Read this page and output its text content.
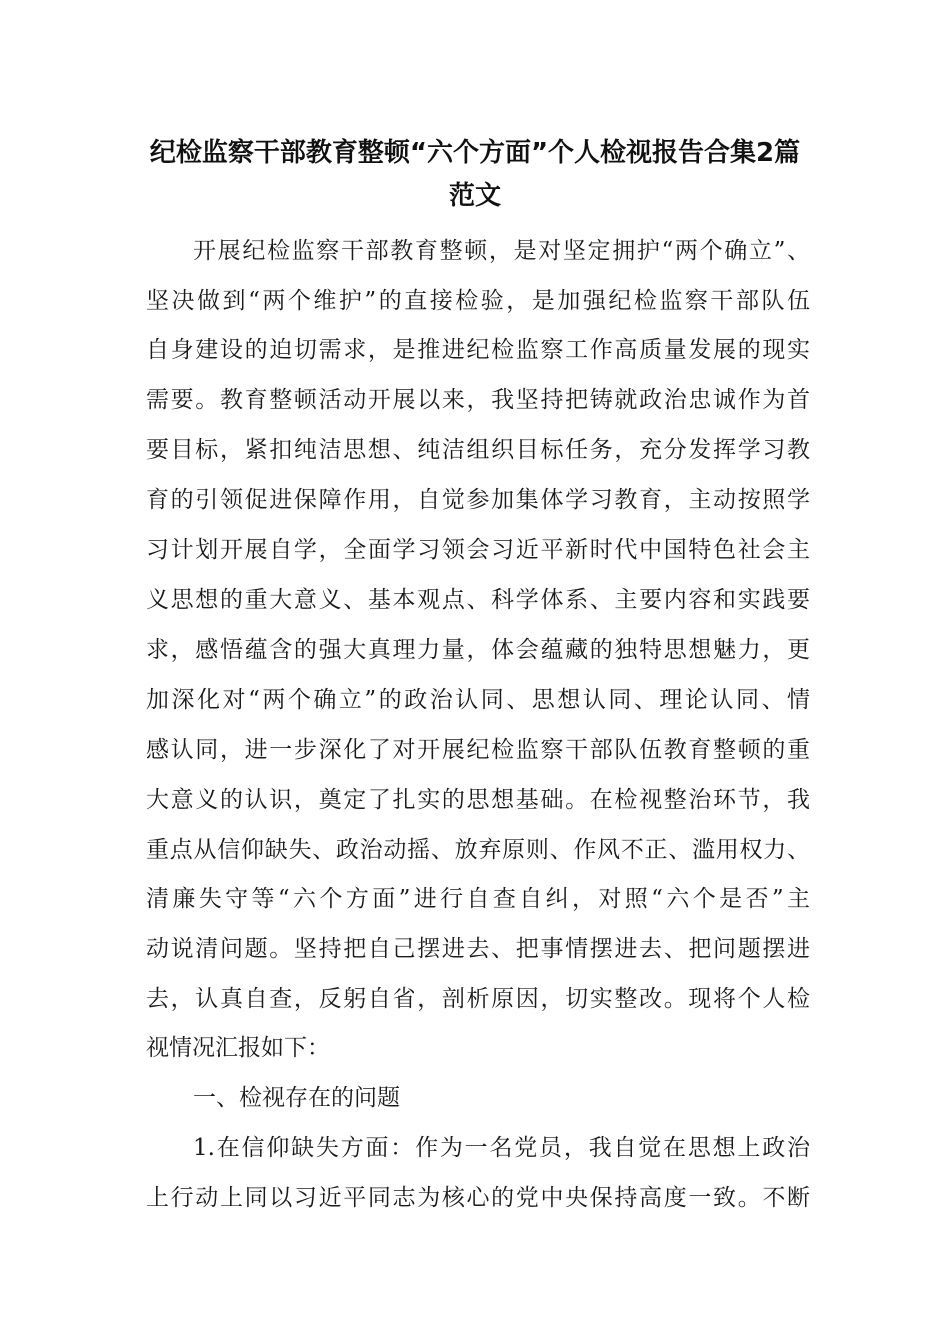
纪检监察干部教育整顿“六个方面”个人检视报告合集2篇
范文
开展纪检监察干部教育整顿，是对坚定拥护“两个确立”、
坚决做到“两个维护”的直接检验，是加强纪检监察干部队伍
自身建设的迫切需求，是推进纪检监察工作高质量发展的现实
需要。教育整顿活动开展以来，我坚持把铸就政治忠诚作为首
要目标，紧扣纯洁思想、纯洁组织目标任务，充分发挥学习教
育的引领促进保障作用，自觉参加集体学习教育，主动按照学
习计划开展自学，全面学习领会习近平新时代中国特色社会主
义思想的重大意义、基本观点、科学体系、主要内容和实践要
求，感悟蕴含的强大真理力量，体会蕴藏的独特思想魅力，更
加深化对“两个确立”的政治认同、思想认同、理论认同、情
感认同，进一步深化了对开展纪检监察干部队伍教育整顿的重
大意义的认识，奠定了扎实的思想基础。在检视整治环节，我
重点从信仰缺失、政治动摇、放弃原则、作风不正、滥用权力、
清廉失守等“六个方面”进行自查自纠，对照“六个是否”主
动说清问题。坚持把自己摆进去、把事情摆进去、把问题摆进
去，认真自查，反躬自省，剖析原因，切实整改。现将个人检
视情况汇报如下：
一、检视存在的问题
1.在信仰缺失方面：作为一名党员，我自觉在思想上政治
上行动上同以习近平同志为核心的党中央保持高度一致。不断
